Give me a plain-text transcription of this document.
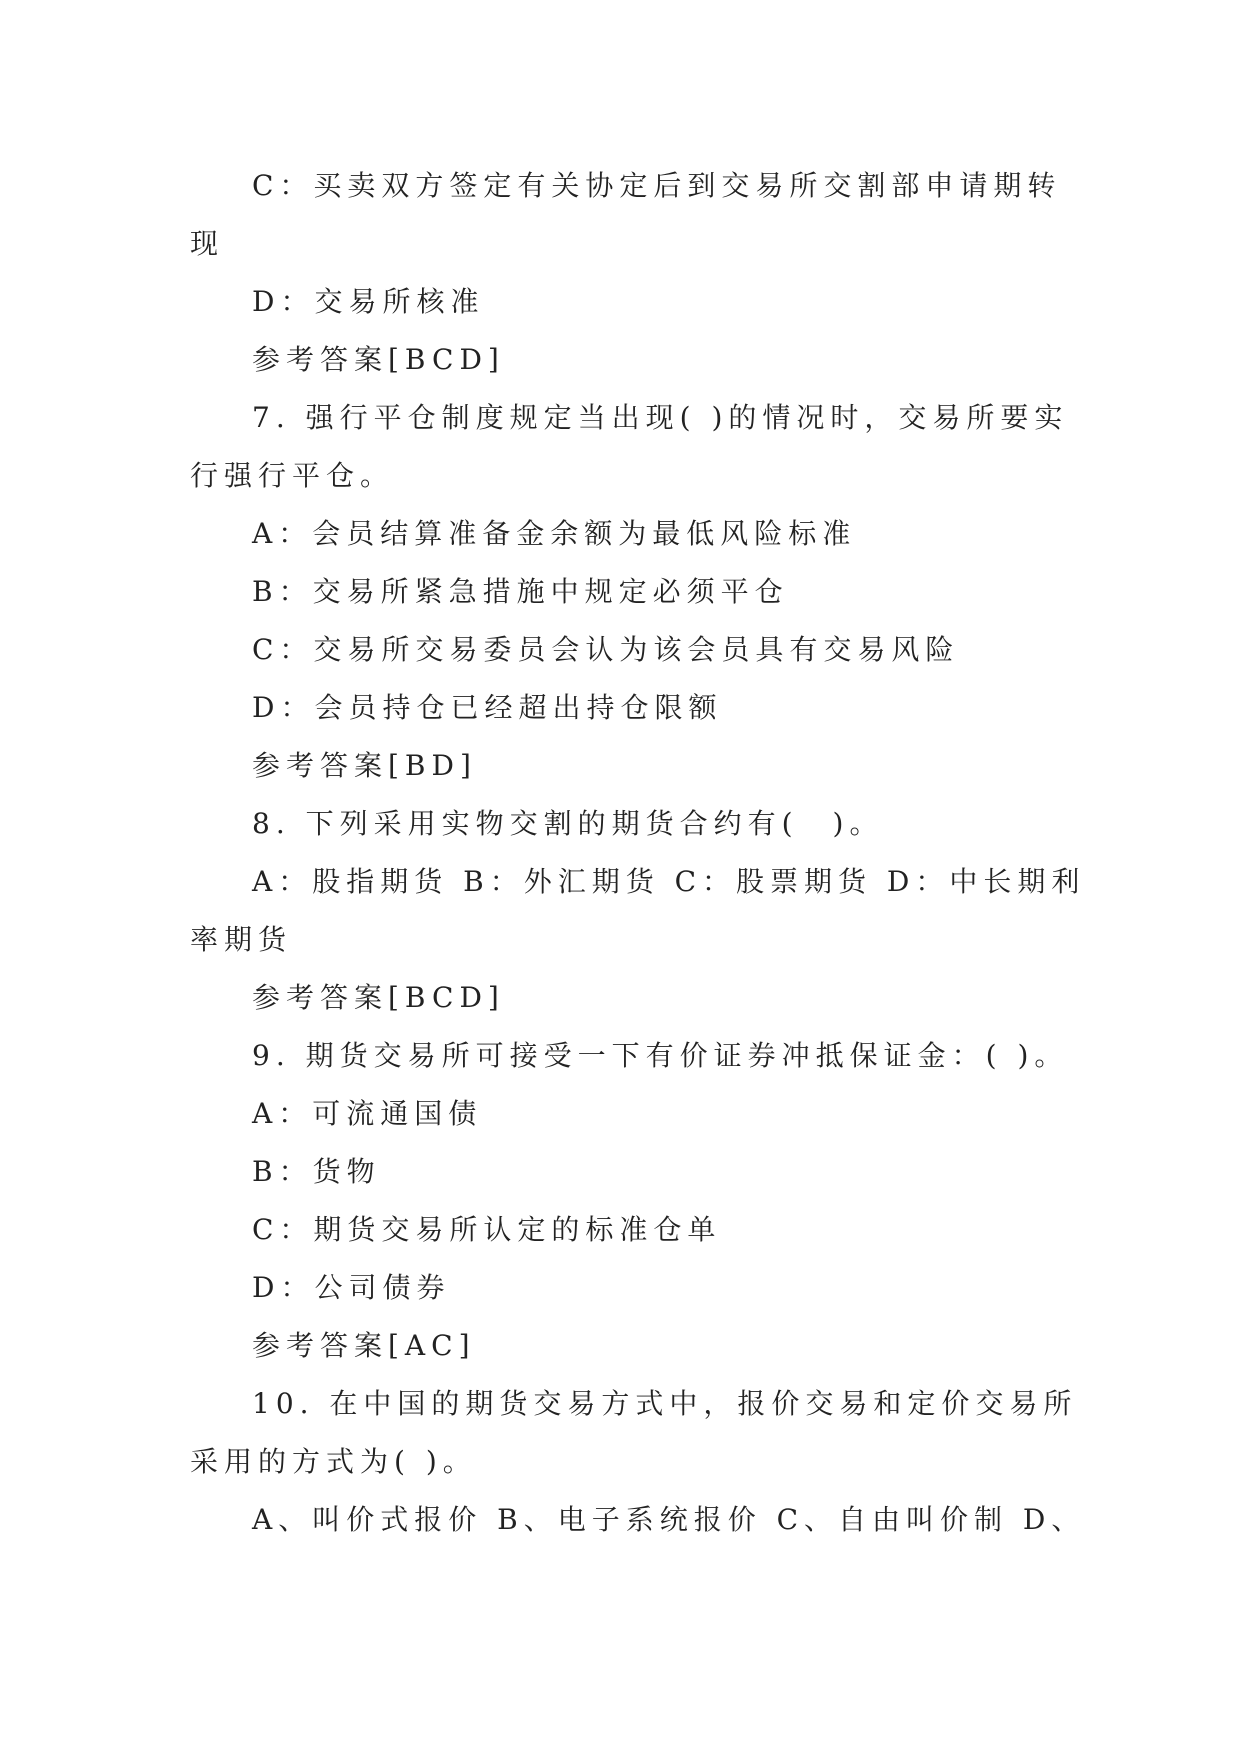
C：买卖双方签定有关协定后到交易所交割部申请期转
现
D：交易所核准
参考答案[BCD]
7. 强行平仓制度规定当出现( )的情况时，交易所要实
行强行平仓。
A：会员结算准备金余额为最低风险标准
B：交易所紧急措施中规定必须平仓
C：交易所交易委员会认为该会员具有交易风险
D：会员持仓已经超出持仓限额
参考答案[BD]
8. 下列采用实物交割的期货合约有(　)。
A：股指期货 B：外汇期货 C：股票期货 D：中长期利
率期货
参考答案[BCD]
9. 期货交易所可接受一下有价证券冲抵保证金：( )。
A：可流通国债
B：货物
C：期货交易所认定的标准仓单
D：公司债券
参考答案[AC]
10. 在中国的期货交易方式中，报价交易和定价交易所
采用的方式为( )。
A、叫价式报价 B、电子系统报价 C、自由叫价制 D、
